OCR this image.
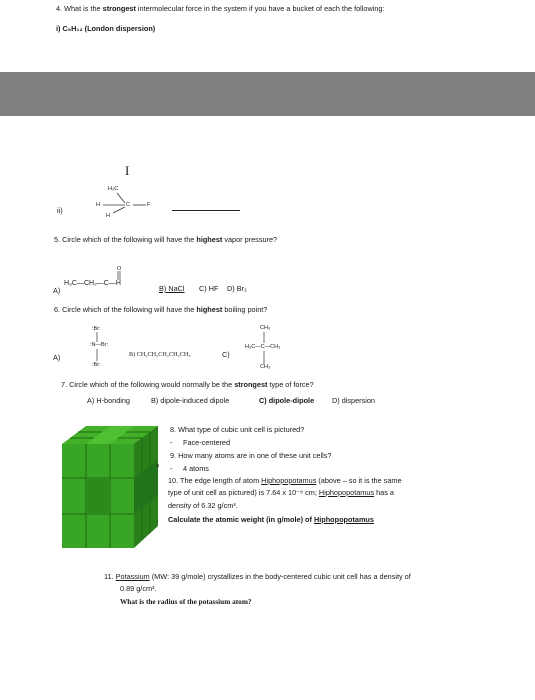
4. What is the strongest intermolecular force in the system if you have a bucket of each the following:
i) C₅H₁₂ (London dispersion)
I
ii)
H₃C
H	C	F
H
5. Circle which of the following will have the highest vapor pressure?
A)
O
H₃C—CH₂—C—H
B) NaCl C) HF D) Br₂
6. Circle which of the following will have the highest boiling point?
A)
:Br:
:N—Br:
:Br:
B) CH₃CH₂CH₂CH₂CH₃	C)
CH₃
H₃C—C—CH₃
CH₃
7. Circle which of the following would normally be the strongest type of force?
A) H-bonding	B) dipole-induced dipole	C) dipole-dipole D) dispersion
a
8. What type of cubic unit cell is pictured?
- Face-centered
9. How many atoms are in one of these unit cells?
- 4 atoms
10. The edge length of atom Hiphopopotamus (above – so it is the same
type of unit cell as pictured) is 7.64 x 10⁻⁸ cm; Hiphopopotamus has a
density of 6.32 g/cm³.
Calculate the atomic weight (in g/mole) of Hiphopopotamus
11. Potassium (MW: 39 g/mole) crystallizes in the body-centered cubic unit cell has a density of
0.89 g/cm³.
What is the radius of the potassium atom?
